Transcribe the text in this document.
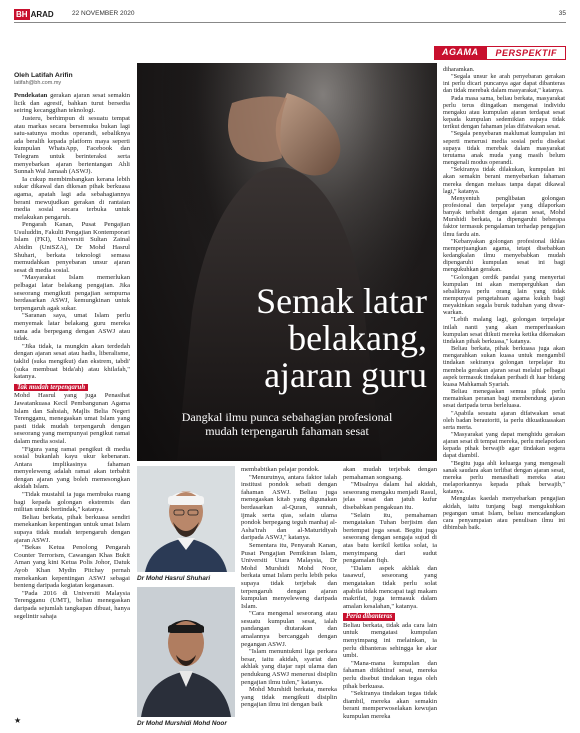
BH ARAD	22 NOVEMBER 2020	35
AGAMA	PERSPEKTIF
Oleh Latifah Arifin
latifah@bh.com.my

Pendekatan gerakan ajaran sesat semakin licik dan agresif, bahkan turut bersedia seiring kecanggihan teknologi.

Justeru, berhimpun di sesuatu tempat atau markas secara bersemuka bukan lagi satu-satunya modus operandi, sebaliknya ada beralih kepada platform maya seperti kumpulan WhatsApp, Facebook dan Telegram untuk berinteraksi serta menyebarkan ajaran bertentangan Ahli Sunnah Wal Jamaah (ASWJ).

Ia cukup membimbangkan kerana lebih sukar dikawal dan dikesan pihak berkuasa agama, apatah lagi ada sebahagiannya berani mewujudkan gerakan di rantaian media sosial secara terbuka untuk melakukan pengaruh.

Pengarah Kanan, Pusat Pengajian Usuluddin, Fakulti Pengajian Kontemporari Islam (FKI), Universiti Sultan Zainal Abidin (UniSZA), Dr Mohd Hasrul Shuhari, berkata teknologi semasa memudahkan penyebaran unsur ajaran sesat di media sosial.

"Masyarakat Islam memerlukan pelbagai latar belakang pengajian. Jika seseorang mengikuti pengajian sempurna berdasarkan ASWJ, kemungkinan untuk terpengaruh agak sukar.

"Saranan saya, umat Islam perlu menyemak latar belakang guru mereka sama ada berpegang dengan ASWJ atau tidak.

"Jika tidak, ia mungkin akan terdedah dengan ajaran sesat atau hadis, liberalisme, taklid (suka mengikut) dan ekstrem, tabdi' (suka membuat bida'ah) atau khilafah," katanya.

Tak mudah terpengaruh

Mohd Hasrul yang juga Penasihat Jawatankuasa Kecil Pembangunan Agama Islam dan Sahsiah, Majlis Belia Negeri Terengganu, menegaskan umat Islam yang pasti tidak mudah terpengaruh dengan seseorang yang mempunyai pengikut ramai dalam media sosial.

"Figura yang ramai pengikut di media sosial bukanlah kayu ukur kebenaran. Antara implikasinya fahaman menyeleweng adalah ramai akan terbabit dengan ajaran yang boleh memesongkan akidah Islam.

"Tidak mustahil ia juga membuka ruang bagi kepada golongan ekstremis dan militan untuk bertindak," katanya.

Beliau berkata, pihak berkuasa sendiri menekankan kepentingan untuk umat Islam supaya tidak mudah terpengaruh dengan ajaran ASWJ.

"Bekas Ketua Penolong Pengarah Counter Terrorism, Cawangan Khas Bukit Aman yang kini Ketua Polis Johor, Datuk Ayob Khan Mydin Pitchay pernah menekankan kepentingan ASWJ sebagai benteng daripada kegiatan keganasan.

"Pada 2016 di Universiti Malaysia Terengganu (UMT), beliau menegaskan daripada sejumlah tangkapan dibuat, hanya segelintir sahaja

Semak latar
belakang,
ajaran guru
Dangkal ilmu punca sebahagian profesional
mudah terpengaruh fahaman sesat
Dr Mohd Hasrul Shuhari
Dr Mohd Murshidi Mohd Noor

membabitkan pelajar pondok.

"Menurutnya, antara faktor ialah institusi pondok sebati dengan fahaman ASWJ. Beliau juga menegaskan kitab yang digunakan berdasarkan al-Quran, sunnah, ijmak serta qias, selain ulama pondok berpegang teguh manhaj al-Asha'irah dan al-Maturidiyah daripada ASWJ," katanya.

Sementara itu, Penyarah Kanan, Pusat Pengajian Pemikiran Islam, Universiti Utara Malaysia, Dr Mohd Murshidi Mohd Noor, berkata umat Islam perlu lebih peka supaya tidak terjebak dan terpengaruh dengan ajaran kumpulan menyeleweng daripada Islam.

"Cara mengenal seseorang atau sesuatu kumpulan sesat, ialah pandangan diutarakan dan amalannya bercanggah dengan pegangan ASWJ.

"Islam menuntukmi liga perkara besar, iaitu akidah, syariat dan akhlak yang diajar rapi ulama dan pendukung ASWJ menerusi disiplin pengajian ilmu tulen," katanya.

Mohd Murshidi berkata, mereka yang tidak mengikuti disiplin pengajian ilmu ini dengan baik

akan mudah terjebak dengan pemahaman songsang.

"Misalnya dalam hal akidah, seseorang mengaku menjadi Rasul, jelas sesat dan jatuh kufur disebabkan pengakuan itu.

"Selain itu, pemahaman mengatakan Tuhan berjisim dan bertempat juga sesat. Begitu juga seseorang dengan sengaja sujud di atas batu kerikil ketika solat, ia menyimpang dari sudut pengamalan fiqh.

"Dalam aspek akhlak dan tasawuf, seseorang yang mengatakan tidak perlu solat apabila tidak mencapai tagi makam makrifat, juga termasuk dalam amalan kesalahan," katanya.

Peria dibanteras

Beliau berkata, tidak ada cara lain untuk mengatasi kumpulan menyimpang ini melainkan, ia perlu dibanteras sehingga ke akar umbi.

"Mana-mana kumpulan dan fahaman diikhtiraf sesat, mereka perlu disebut tindakan tegas oleh pihak berkuasa.

"Sekiranya tindakan tegas tidak diambil, mereka akan semakin berani memperwoselakan kewujan kumpulan mereka

diharamkan.

"Segala unsur ke arah penyebaran gerakan ini perlu dicari puncanya agar dapat dibanteras dan tidak merebak dalam masyarakat," katanya.

Pada masa sama, beliau berkata, masyarakat perlu terus diingatkan mengenai individu mengaku atau kumpulan ajaran terdapat sesat kepada kumpulan sedemikian supaya tidak terikut dengan fahaman jelas difatwakan sesat.

"Segala penyebaran maklumat kumpulan ini seperti menerusi media sosial perlu disekat supaya tidak merebak dalam masyarakat terutama anak muda yang masih belum mengenali modus operandi.

"Sekiranya tidak dilakukan, kumpulan ini akan semakin berani menyebarkan fahaman mereka dengan meluas tanpa dapat dikawal lagi," katanya.

Menyentuh penglibatan golongan profesional dan terpelajar yang dilaporkan banyak terbabit dengan ajaran sesat, Mohd Murshidi berkata, ia dipengaruhi beberapa faktor termasuk pengalaman terhadap pengajian ilmu fardu ain.

"Kebanyakan golongan profesional ikhlas memperjuangkan agama, tetapi disebabkan kedangkalan ilmu menyebabkan mudah dipengaruhi kumpulan sesat ini bagi mengukuhkan gerakan.

"Golongan cerdik pandai yang menyertai kumpulan ini akan memperguhkan dan sebaliknya perlu orang lain yang tidak mempunyai pengetahuan agama kukuh bagi meyakinkan segala buruk tuduhan yang diwar-warkan.

"Lebih malang lagi, golongan terpelajar inilah nanti yang akan memperluaskan kumpulan sesat diikuti mereka ketika dikenakan tindakan pihak berkuasa," katanya.

Beliau berkata, pihak berkuasa juga akan mengarahkan sukan kuasa untuk mengambil tindakan sekiranya golongan terpelajar itu membela gerakan ajaran sesat melalui pelbagai aspek termasuk tindakan peribadi di luar bidang kuasa Mahkamah Syariah.

Beliau menegaskan semua pihak perlu memainkan peranan bagi membendung ajaran sesat daripada terus berleluasa.

"Apabila sesuatu ajaran difatwakan sesat oleh badan berautoriti, ia perlu dikuatkuasakan serta merta.

"Masyarakat yang dapat menghidu gerakan ajaran sesat di tempat mereka, perlu melaporkan kepada pihak berwajib agar tindakan segera dapat diambil.

"Begitu juga ahli keluarga yang mengesali sanak saudara akan terlibat dengan ajaran sesat, mereka perlu menasihati mereka atau melaporkannya kepada pihak berwajib," katanya.

Mengulas kaedah menyebarkan pengajian akidah, iaitu tunjang bagi mengukuhkan pegangan umat Islam, beliau mencadangkan cara penyampaian atau penulisan ilmu ini dibimbah baik.

★
